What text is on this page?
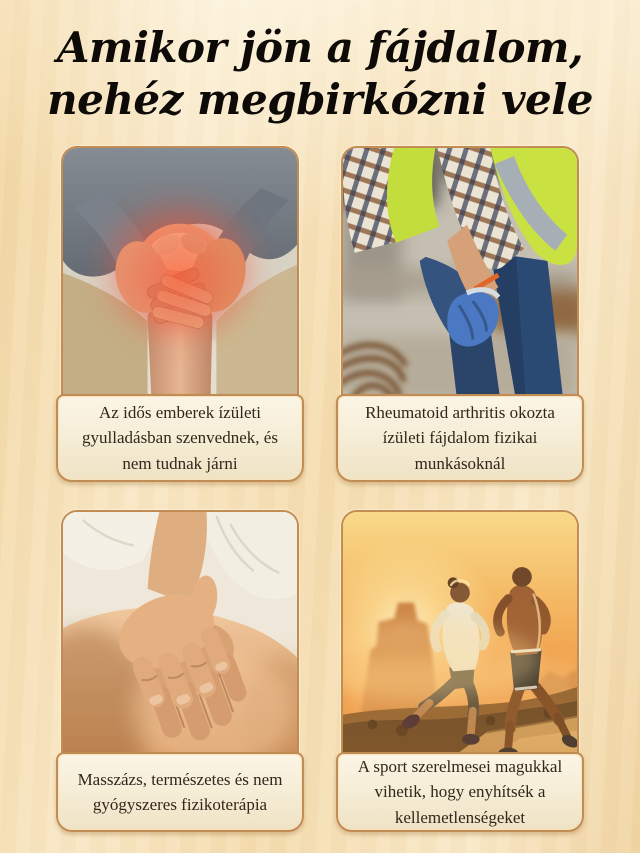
Amikor jön a fájdalom,
nehéz megbirkózni vele
Az idős emberek ízületi gyulladásban szenvednek, és nem tudnak járni
Rheumatoid arthritis okozta ízületi fájdalom fizikai munkásoknál
Masszázs, természetes és nem gyógyszeres fizikoterápia
A sport szerelmesei magukkal vihetik, hogy enyhítsék a kellemetlenségeket
